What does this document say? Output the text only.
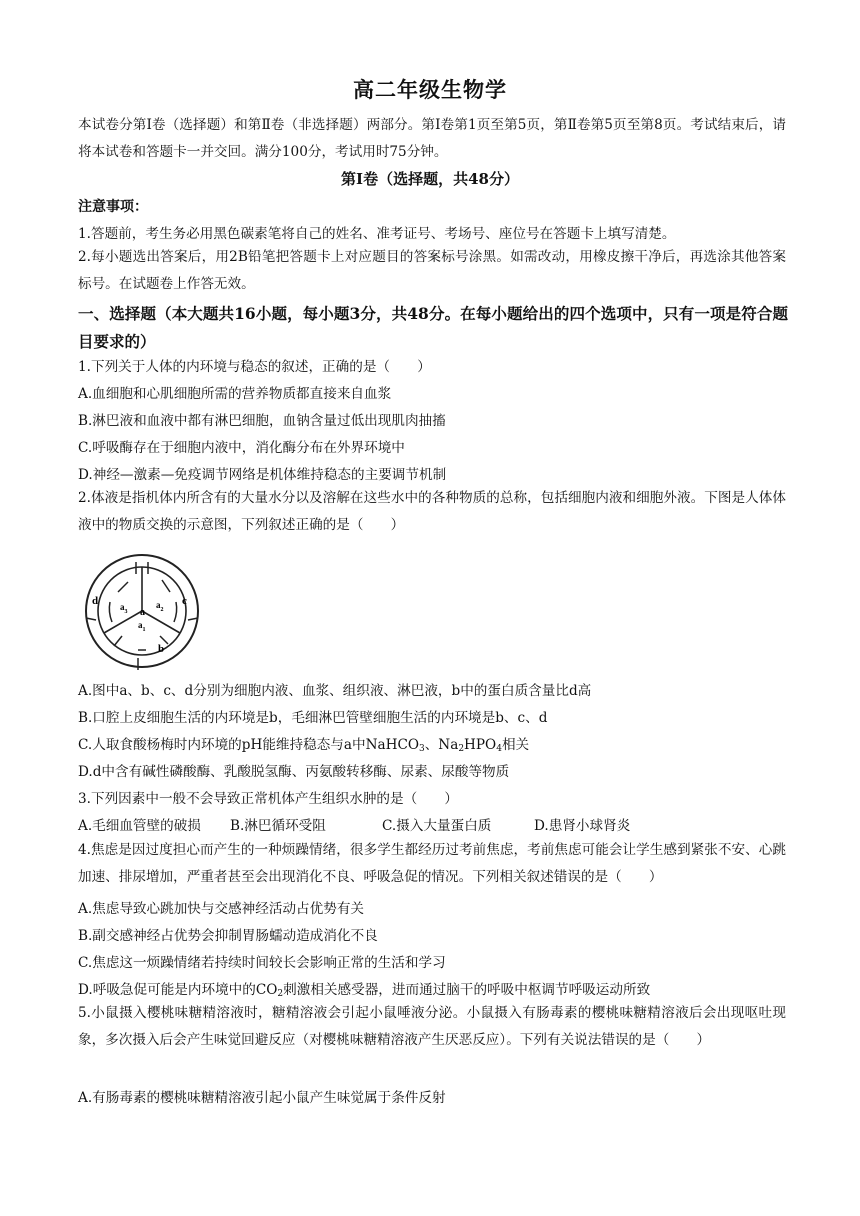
高二年级生物学
本试卷分第Ⅰ卷（选择题）和第Ⅱ卷（非选择题）两部分。第Ⅰ卷第1页至第5页，第Ⅱ卷第5页至第8页。考试结束后，请将本试卷和答题卡一并交回。满分100分，考试用时75分钟。
第Ⅰ卷（选择题，共48分）
注意事项：
1.答题前，考生务必用黑色碳素笔将自己的姓名、准考证号、考场号、座位号在答题卡上填写清楚。
2.每小题选出答案后，用2B铅笔把答题卡上对应题目的答案标号涂黑。如需改动，用橡皮擦干净后，再选涂其他答案标号。在试题卷上作答无效。
一、选择题（本大题共16小题，每小题3分，共48分。在每小题给出的四个选项中，只有一项是符合题目要求的）
1.下列关于人体的内环境与稳态的叙述，正确的是（　　）
A.血细胞和心肌细胞所需的营养物质都直接来自血浆
B.淋巴液和血液中都有淋巴细胞，血钠含量过低出现肌肉抽搐
C.呼吸酶存在于细胞内液中，消化酶分布在外界环境中
D.神经—激素—免疫调节网络是机体维持稳态的主要调节机制
2.体液是指机体内所含有的大量水分以及溶解在这些水中的各种物质的总称，包括细胞内液和细胞外液。下图是人体体液中的物质交换的示意图，下列叙述正确的是（　　）
a
$a_3$
$a_2$
$a_1$
b
c
d
A.图中a、b、c、d分别为细胞内液、血浆、组织液、淋巴液，b中的蛋白质含量比d高
B.口腔上皮细胞生活的内环境是b，毛细淋巴管壁细胞生活的内环境是b、c、d
C.人取食酸杨梅时内环境的pH能维持稳态与a中NaHCO$_3$、$Na_2HPO_4$相关
D.d中含有碱性磷酸酶、乳酸脱氢酶、丙氨酸转移酶、尿素、尿酸等物质
3.下列因素中一般不会导致正常机体产生组织水肿的是（　　）
A.毛细血管壁的破损 B.淋巴循环受阻	C.摄入大量蛋白质	D.患肾小球肾炎
4.焦虑是因过度担心而产生的一种烦躁情绪，很多学生都经历过考前焦虑，考前焦虑可能会让学生感到紧张不安、心跳加速、排尿增加，严重者甚至会出现消化不良、呼吸急促的情况。下列相关叙述错误的是（　　）
A.焦虑导致心跳加快与交感神经活动占优势有关
B.副交感神经占优势会抑制胃肠蠕动造成消化不良
C.焦虑这一烦躁情绪若持续时间较长会影响正常的生活和学习
D.呼吸急促可能是内环境中的$CO_2$刺激相关感受器，进而通过脑干的呼吸中枢调节呼吸运动所致
5.小鼠摄入樱桃味糖精溶液时，糖精溶液会引起小鼠唾液分泌。小鼠摄入有肠毒素的樱桃味糖精溶液后会出现呕吐现象，多次摄入后会产生味觉回避反应（对樱桃味糖精溶液产生厌恶反应）。下列有关说法错误的是（　　）
A.有肠毒素的樱桃味糖精溶液引起小鼠产生味觉属于条件反射
